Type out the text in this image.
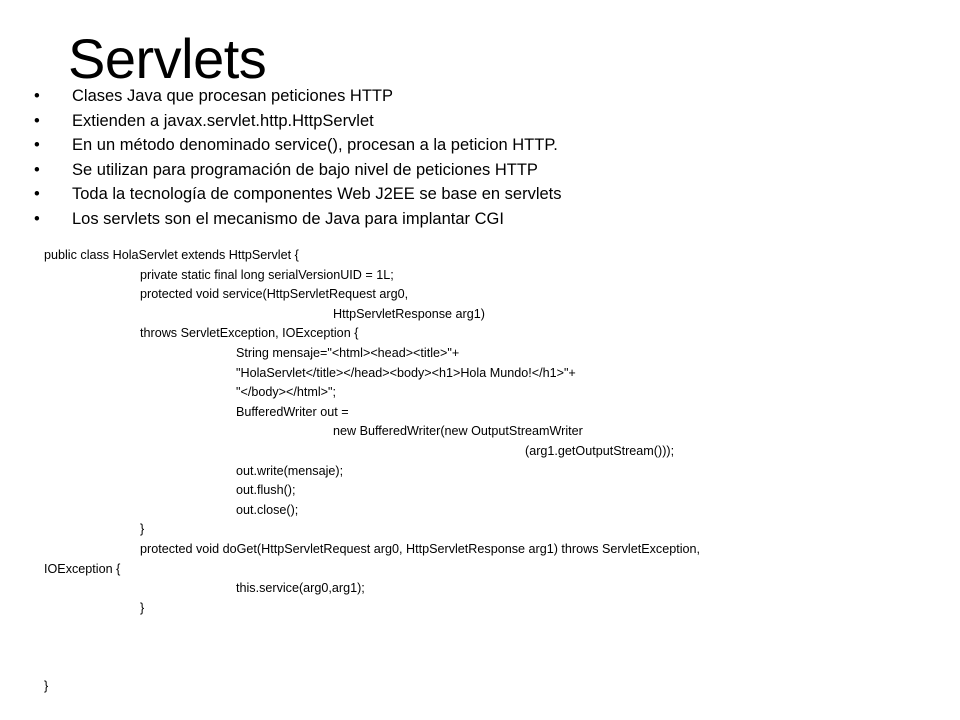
Servlets
• Clases Java que procesan peticiones HTTP
• Extienden a javax.servlet.http.HttpServlet
• En un método denominado service(), procesan a la peticion HTTP.
• Se utilizan para programación de bajo nivel de peticiones HTTP
• Toda la tecnología de componentes Web J2EE se base en servlets
• Los servlets son el mecanismo de Java para implantar CGI
public class HolaServlet extends HttpServlet {
private static final long serialVersionUID = 1L;
protected void service(HttpServletRequest arg0,
HttpServletResponse arg1)
throws ServletException, IOException {
String mensaje="<html><head><title>"+
"HolaServlet</title></head><body><h1>Hola Mundo!</h1>"+
"</body></html>";
BufferedWriter out =
new BufferedWriter(new OutputStreamWriter
(arg1.getOutputStream()));
out.write(mensaje);
out.flush();
out.close();
}
protected void doGet(HttpServletRequest arg0, HttpServletResponse arg1) throws ServletException,
IOException {
this.service(arg0,arg1);
}
}
